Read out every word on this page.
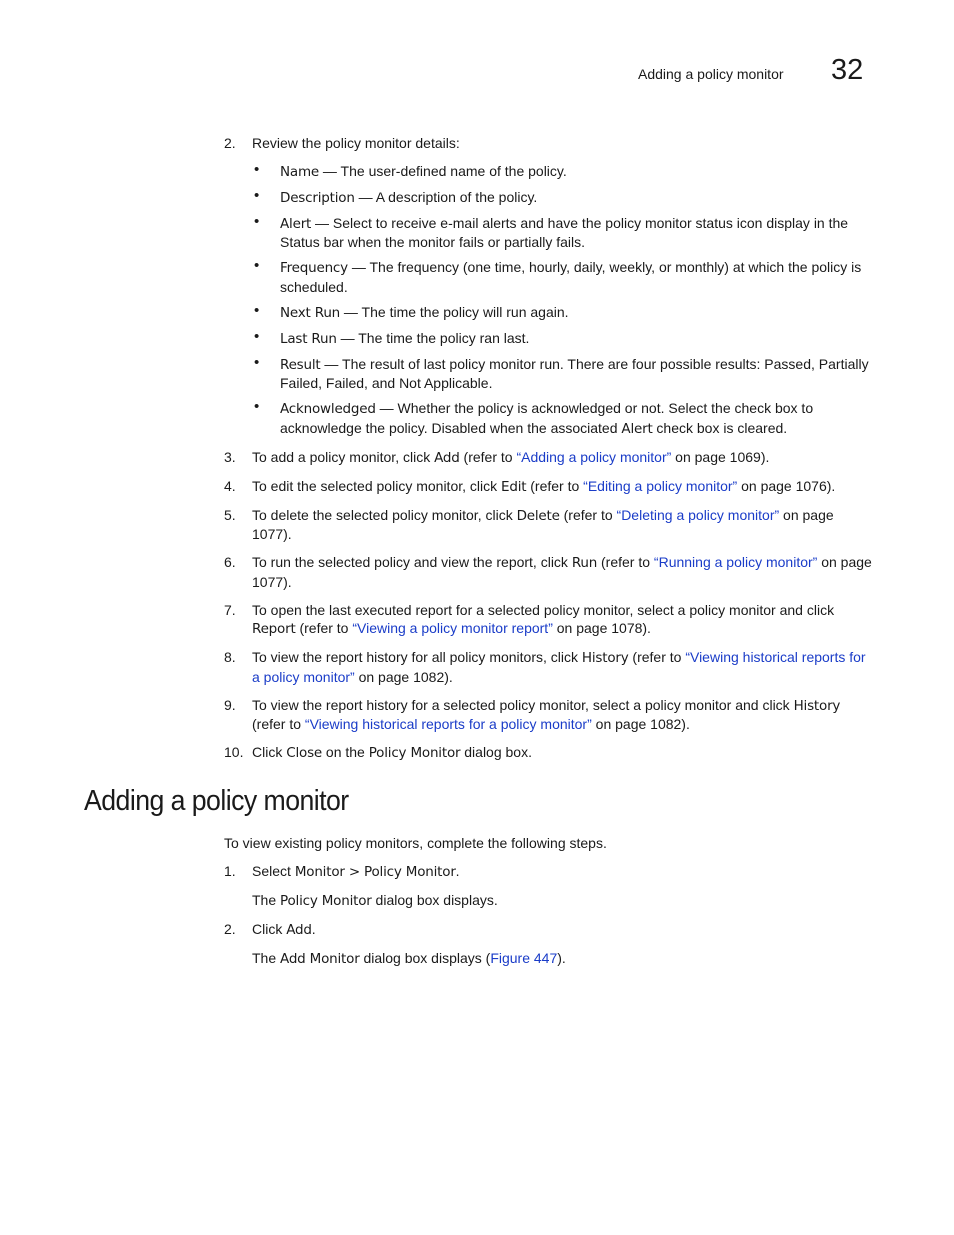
Adding a policy monitor 32
2. Review the policy monitor details:
• Name — The user-defined name of the policy.
• Description — A description of the policy.
• Alert — Select to receive e-mail alerts and have the policy monitor status icon display in the Status bar when the monitor fails or partially fails.
• Frequency — The frequency (one time, hourly, daily, weekly, or monthly) at which the policy is scheduled.
• Next Run — The time the policy will run again.
• Last Run — The time the policy ran last.
• Result — The result of last policy monitor run. There are four possible results: Passed, Partially Failed, Failed, and Not Applicable.
• Acknowledged — Whether the policy is acknowledged or not. Select the check box to acknowledge the policy. Disabled when the associated Alert check box is cleared.
3. To add a policy monitor, click Add (refer to “Adding a policy monitor” on page 1069).
4. To edit the selected policy monitor, click Edit (refer to “Editing a policy monitor” on page 1076).
5. To delete the selected policy monitor, click Delete (refer to “Deleting a policy monitor” on page 1077).
6. To run the selected policy and view the report, click Run (refer to “Running a policy monitor” on page 1077).
7. To open the last executed report for a selected policy monitor, select a policy monitor and click Report (refer to “Viewing a policy monitor report” on page 1078).
8. To view the report history for all policy monitors, click History (refer to “Viewing historical reports for a policy monitor” on page 1082).
9. To view the report history for a selected policy monitor, select a policy monitor and click History (refer to “Viewing historical reports for a policy monitor” on page 1082).
10. Click Close on the Policy Monitor dialog box.
Adding a policy monitor
To view existing policy monitors, complete the following steps.
1. Select Monitor > Policy Monitor.
The Policy Monitor dialog box displays.
2. Click Add.
The Add Monitor dialog box displays (Figure 447).
